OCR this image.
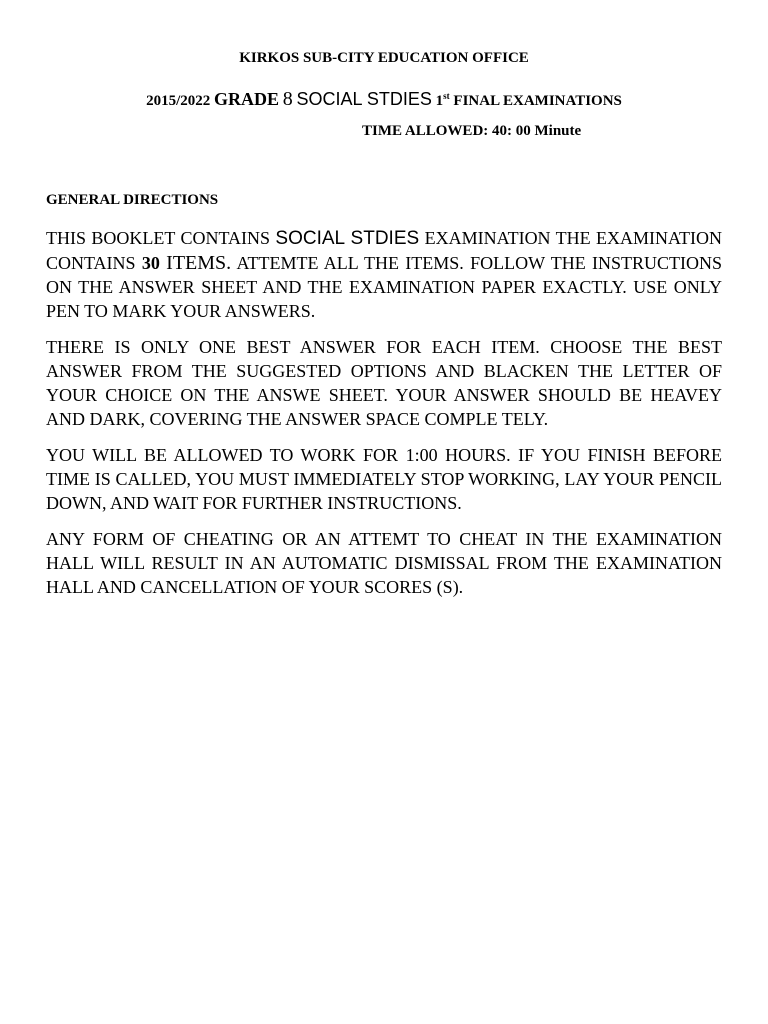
KIRKOS SUB-CITY EDUCATION OFFICE
2015/2022 GRADE 8 SOCIAL STDIES 1st FINAL EXAMINATIONS
TIME ALLOWED: 40: 00 Minute
GENERAL DIRECTIONS

THIS BOOKLET CONTAINS SOCIAL STDIES EXAMINATION THE EXAMINATION CONTAINS 30 ITEMS. ATTEMTE ALL THE ITEMS. FOLLOW THE INSTRUCTIONS ON THE ANSWER SHEET AND THE EXAMINATION PAPER EXACTLY. USE ONLY PEN TO MARK YOUR ANSWERS.

THERE IS ONLY ONE BEST ANSWER FOR EACH ITEM. CHOOSE THE BEST ANSWER FROM THE SUGGESTED OPTIONS AND BLACKEN THE LETTER OF YOUR CHOICE ON THE ANSWE SHEET. YOUR ANSWER SHOULD BE HEAVEY AND DARK, COVERING THE ANSWER SPACE COMPLE TELY.

YOU WILL BE ALLOWED TO WORK FOR 1:00 HOURS. IF YOU FINISH BEFORE TIME IS CALLED, YOU MUST IMMEDIATELY STOP WORKING, LAY YOUR PENCIL DOWN, AND WAIT FOR FURTHER INSTRUCTIONS.

ANY FORM OF CHEATING OR AN ATTEMT TO CHEAT IN THE EXAMINATION HALL WILL RESULT IN AN AUTOMATIC DISMISSAL FROM THE EXAMINATION HALL AND CANCELLATION OF YOUR SCORES (S).
